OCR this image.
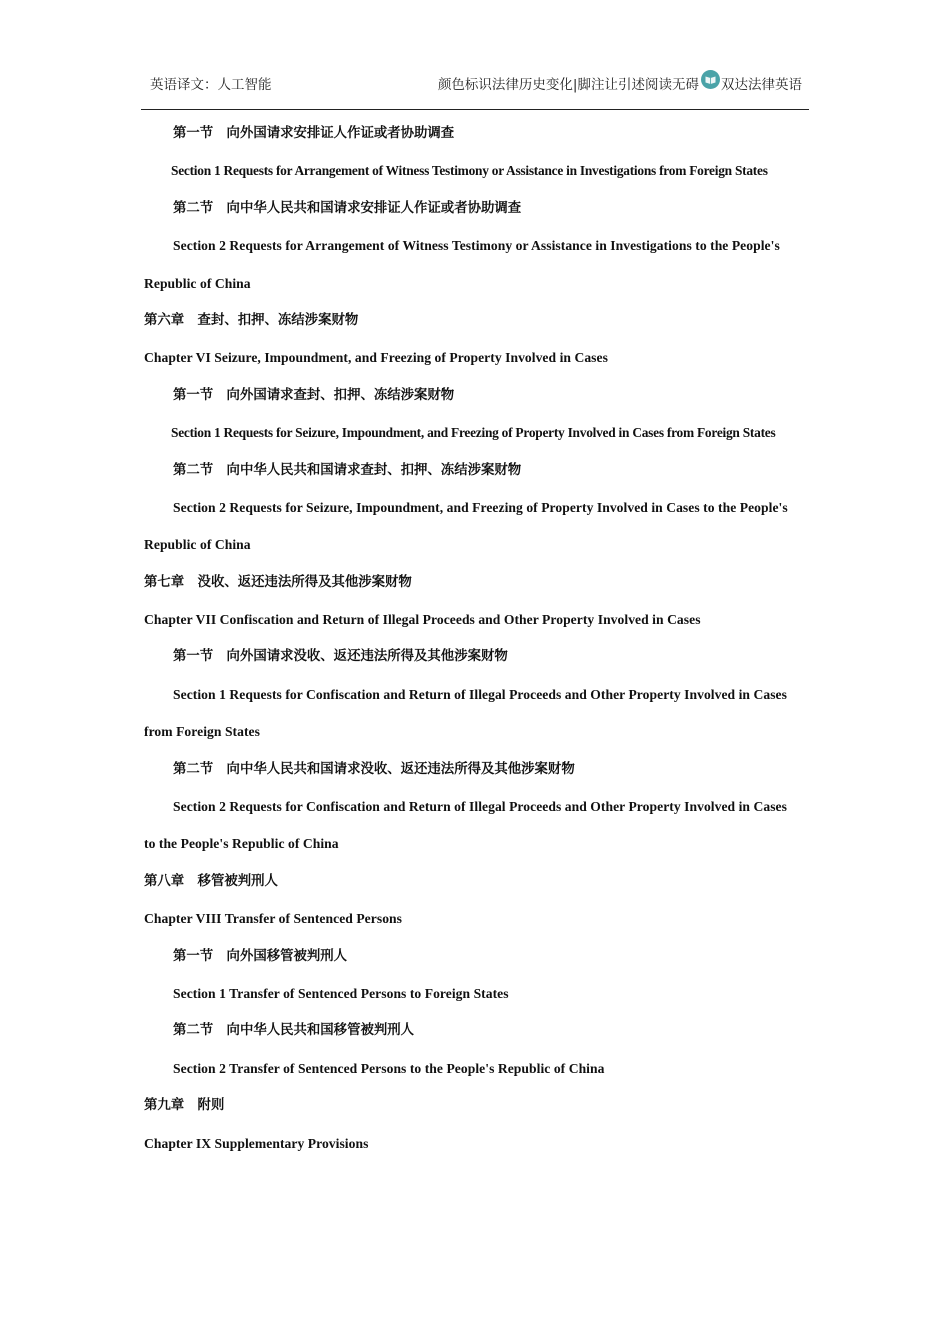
英语译文：人工智能	颜色标识法律历史变化|脚注让引述阅读无碍 双达法律英语
第一节　向外国请求安排证人作证或者协助调查
Section 1 Requests for Arrangement of Witness Testimony or Assistance in Investigations from Foreign States
第二节　向中华人民共和国请求安排证人作证或者协助调查
Section 2 Requests for Arrangement of Witness Testimony or Assistance in Investigations to the People's
Republic of China
第六章　查封、扣押、冻结涉案财物
Chapter VI Seizure, Impoundment, and Freezing of Property Involved in Cases
第一节　向外国请求查封、扣押、冻结涉案财物
Section 1 Requests for Seizure, Impoundment, and Freezing of Property Involved in Cases from Foreign States
第二节　向中华人民共和国请求查封、扣押、冻结涉案财物
Section 2 Requests for Seizure, Impoundment, and Freezing of Property Involved in Cases to the People's
Republic of China
第七章　没收、返还违法所得及其他涉案财物
Chapter VII Confiscation and Return of Illegal Proceeds and Other Property Involved in Cases
第一节　向外国请求没收、返还违法所得及其他涉案财物
Section 1 Requests for Confiscation and Return of Illegal Proceeds and Other Property Involved in Cases
from Foreign States
第二节　向中华人民共和国请求没收、返还违法所得及其他涉案财物
Section 2 Requests for Confiscation and Return of Illegal Proceeds and Other Property Involved in Cases
to the People's Republic of China
第八章　移管被判刑人
Chapter VIII Transfer of Sentenced Persons
第一节　向外国移管被判刑人
Section 1 Transfer of Sentenced Persons to Foreign States
第二节　向中华人民共和国移管被判刑人
Section 2 Transfer of Sentenced Persons to the People's Republic of China
第九章　附则
Chapter IX Supplementary Provisions
